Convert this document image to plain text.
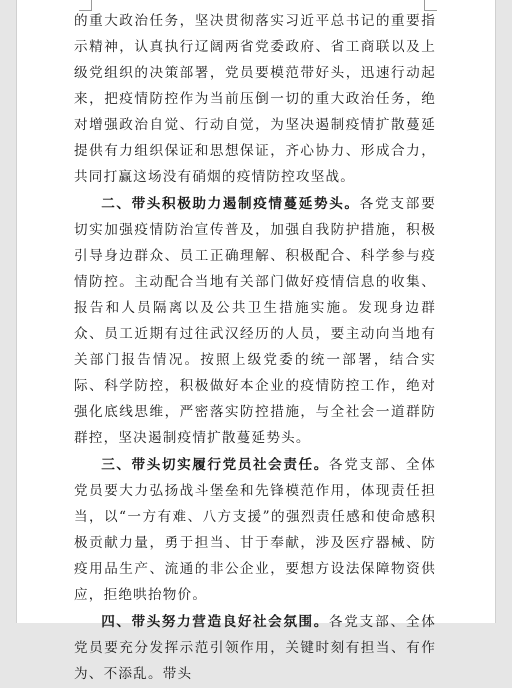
的重大政治任务，坚决贯彻落实习近平总书记的重要指示精神，认真执行辽阔两省党委政府、省工商联以及上级党组织的决策部署，党员要模范带好头，迅速行动起来，把疫情防控作为当前压倒一切的重大政治任务，绝对增强政治自觉、行动自觉，为坚决遏制疫情扩散蔓延提供有力组织保证和思想保证，齐心协力、形成合力，共同打赢这场没有硝烟的疫情防控攻坚战。

二、带头积极助力遏制疫情蔓延势头。各党支部要切实加强疫情防治宣传普及，加强自我防护措施，积极引导身边群众、员工正确理解、积极配合、科学参与疫情防控。主动配合当地有关部门做好疫情信息的收集、报告和人员隔离以及公共卫生措施实施。发现身边群众、员工近期有过往武汉经历的人员，要主动向当地有关部门报告情况。按照上级党委的统一部署，结合实际、科学防控，积极做好本企业的疫情防控工作，绝对强化底线思维，严密落实防控措施，与全社会一道群防群控，坚决遏制疫情扩散蔓延势头。

三、带头切实履行党员社会责任。各党支部、全体党员要大力弘扬战斗堡垒和先锋模范作用，体现责任担当，以“一方有难、八方支援”的强烈责任感和使命感积极贡献力量，勇于担当、甘于奉献，涉及医疗器械、防疫用品生产、流通的非公企业，要想方设法保障物资供应，拒绝哄抬物价。

四、带头努力营造良好社会氛围。各党支部、全体党员要充分发挥示范引领作用，关键时刻有担当、有作为、不添乱。带头
